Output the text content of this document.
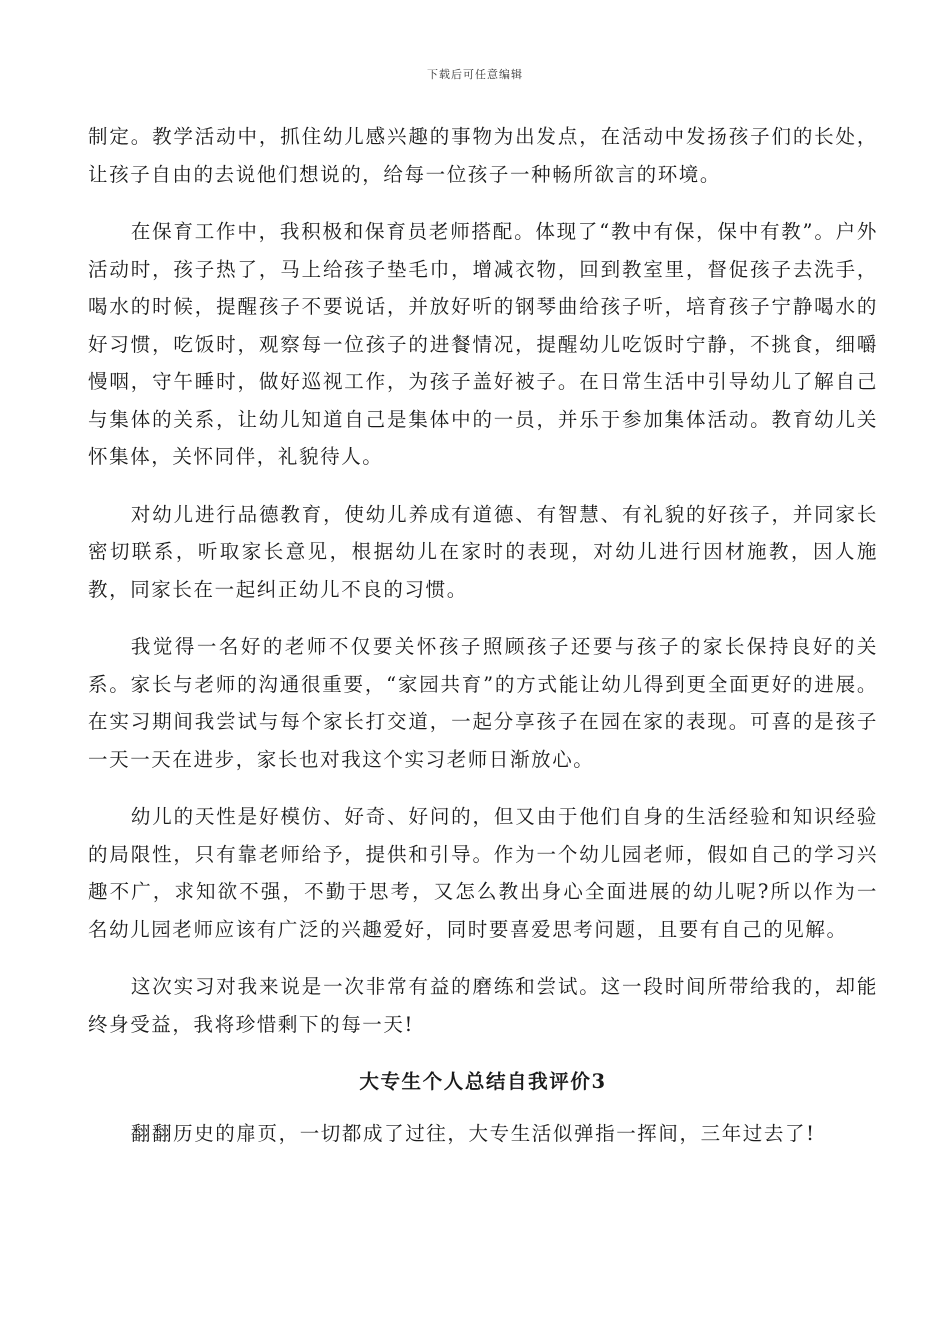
下载后可任意编辑

制定。教学活动中，抓住幼儿感兴趣的事物为出发点，在活动中发扬孩子们的长处，让孩子自由的去说他们想说的，给每一位孩子一种畅所欲言的环境。

在保育工作中，我积极和保育员老师搭配。体现了“教中有保，保中有教”。户外活动时，孩子热了，马上给孩子垫毛巾，增减衣物，回到教室里，督促孩子去洗手，喝水的时候，提醒孩子不要说话，并放好听的钢琴曲给孩子听，培育孩子宁静喝水的好习惯，吃饭时，观察每一位孩子的进餐情况，提醒幼儿吃饭时宁静，不挑食，细嚼慢咽，守午睡时，做好巡视工作，为孩子盖好被子。在日常生活中引导幼儿了解自己与集体的关系，让幼儿知道自己是集体中的一员，并乐于参加集体活动。教育幼儿关怀集体，关怀同伴，礼貌待人。

对幼儿进行品德教育，使幼儿养成有道德、有智慧、有礼貌的好孩子，并同家长密切联系，听取家长意见，根据幼儿在家时的表现，对幼儿进行因材施教，因人施教，同家长在一起纠正幼儿不良的习惯。

我觉得一名好的老师不仅要关怀孩子照顾孩子还要与孩子的家长保持良好的关系。家长与老师的沟通很重要，“家园共育”的方式能让幼儿得到更全面更好的进展。在实习期间我尝试与每个家长打交道，一起分享孩子在园在家的表现。可喜的是孩子一天一天在进步，家长也对我这个实习老师日渐放心。

幼儿的天性是好模仿、好奇、好问的，但又由于他们自身的生活经验和知识经验的局限性，只有靠老师给予，提供和引导。作为一个幼儿园老师，假如自己的学习兴趣不广，求知欲不强，不勤于思考，又怎么教出身心全面进展的幼儿呢?所以作为一名幼儿园老师应该有广泛的兴趣爱好，同时要喜爱思考问题，且要有自己的见解。

这次实习对我来说是一次非常有益的磨练和尝试。这一段时间所带给我的，却能终身受益，我将珍惜剩下的每一天!

大专生个人总结自我评价3

翻翻历史的扉页，一切都成了过往，大专生活似弹指一挥间，三年过去了!
